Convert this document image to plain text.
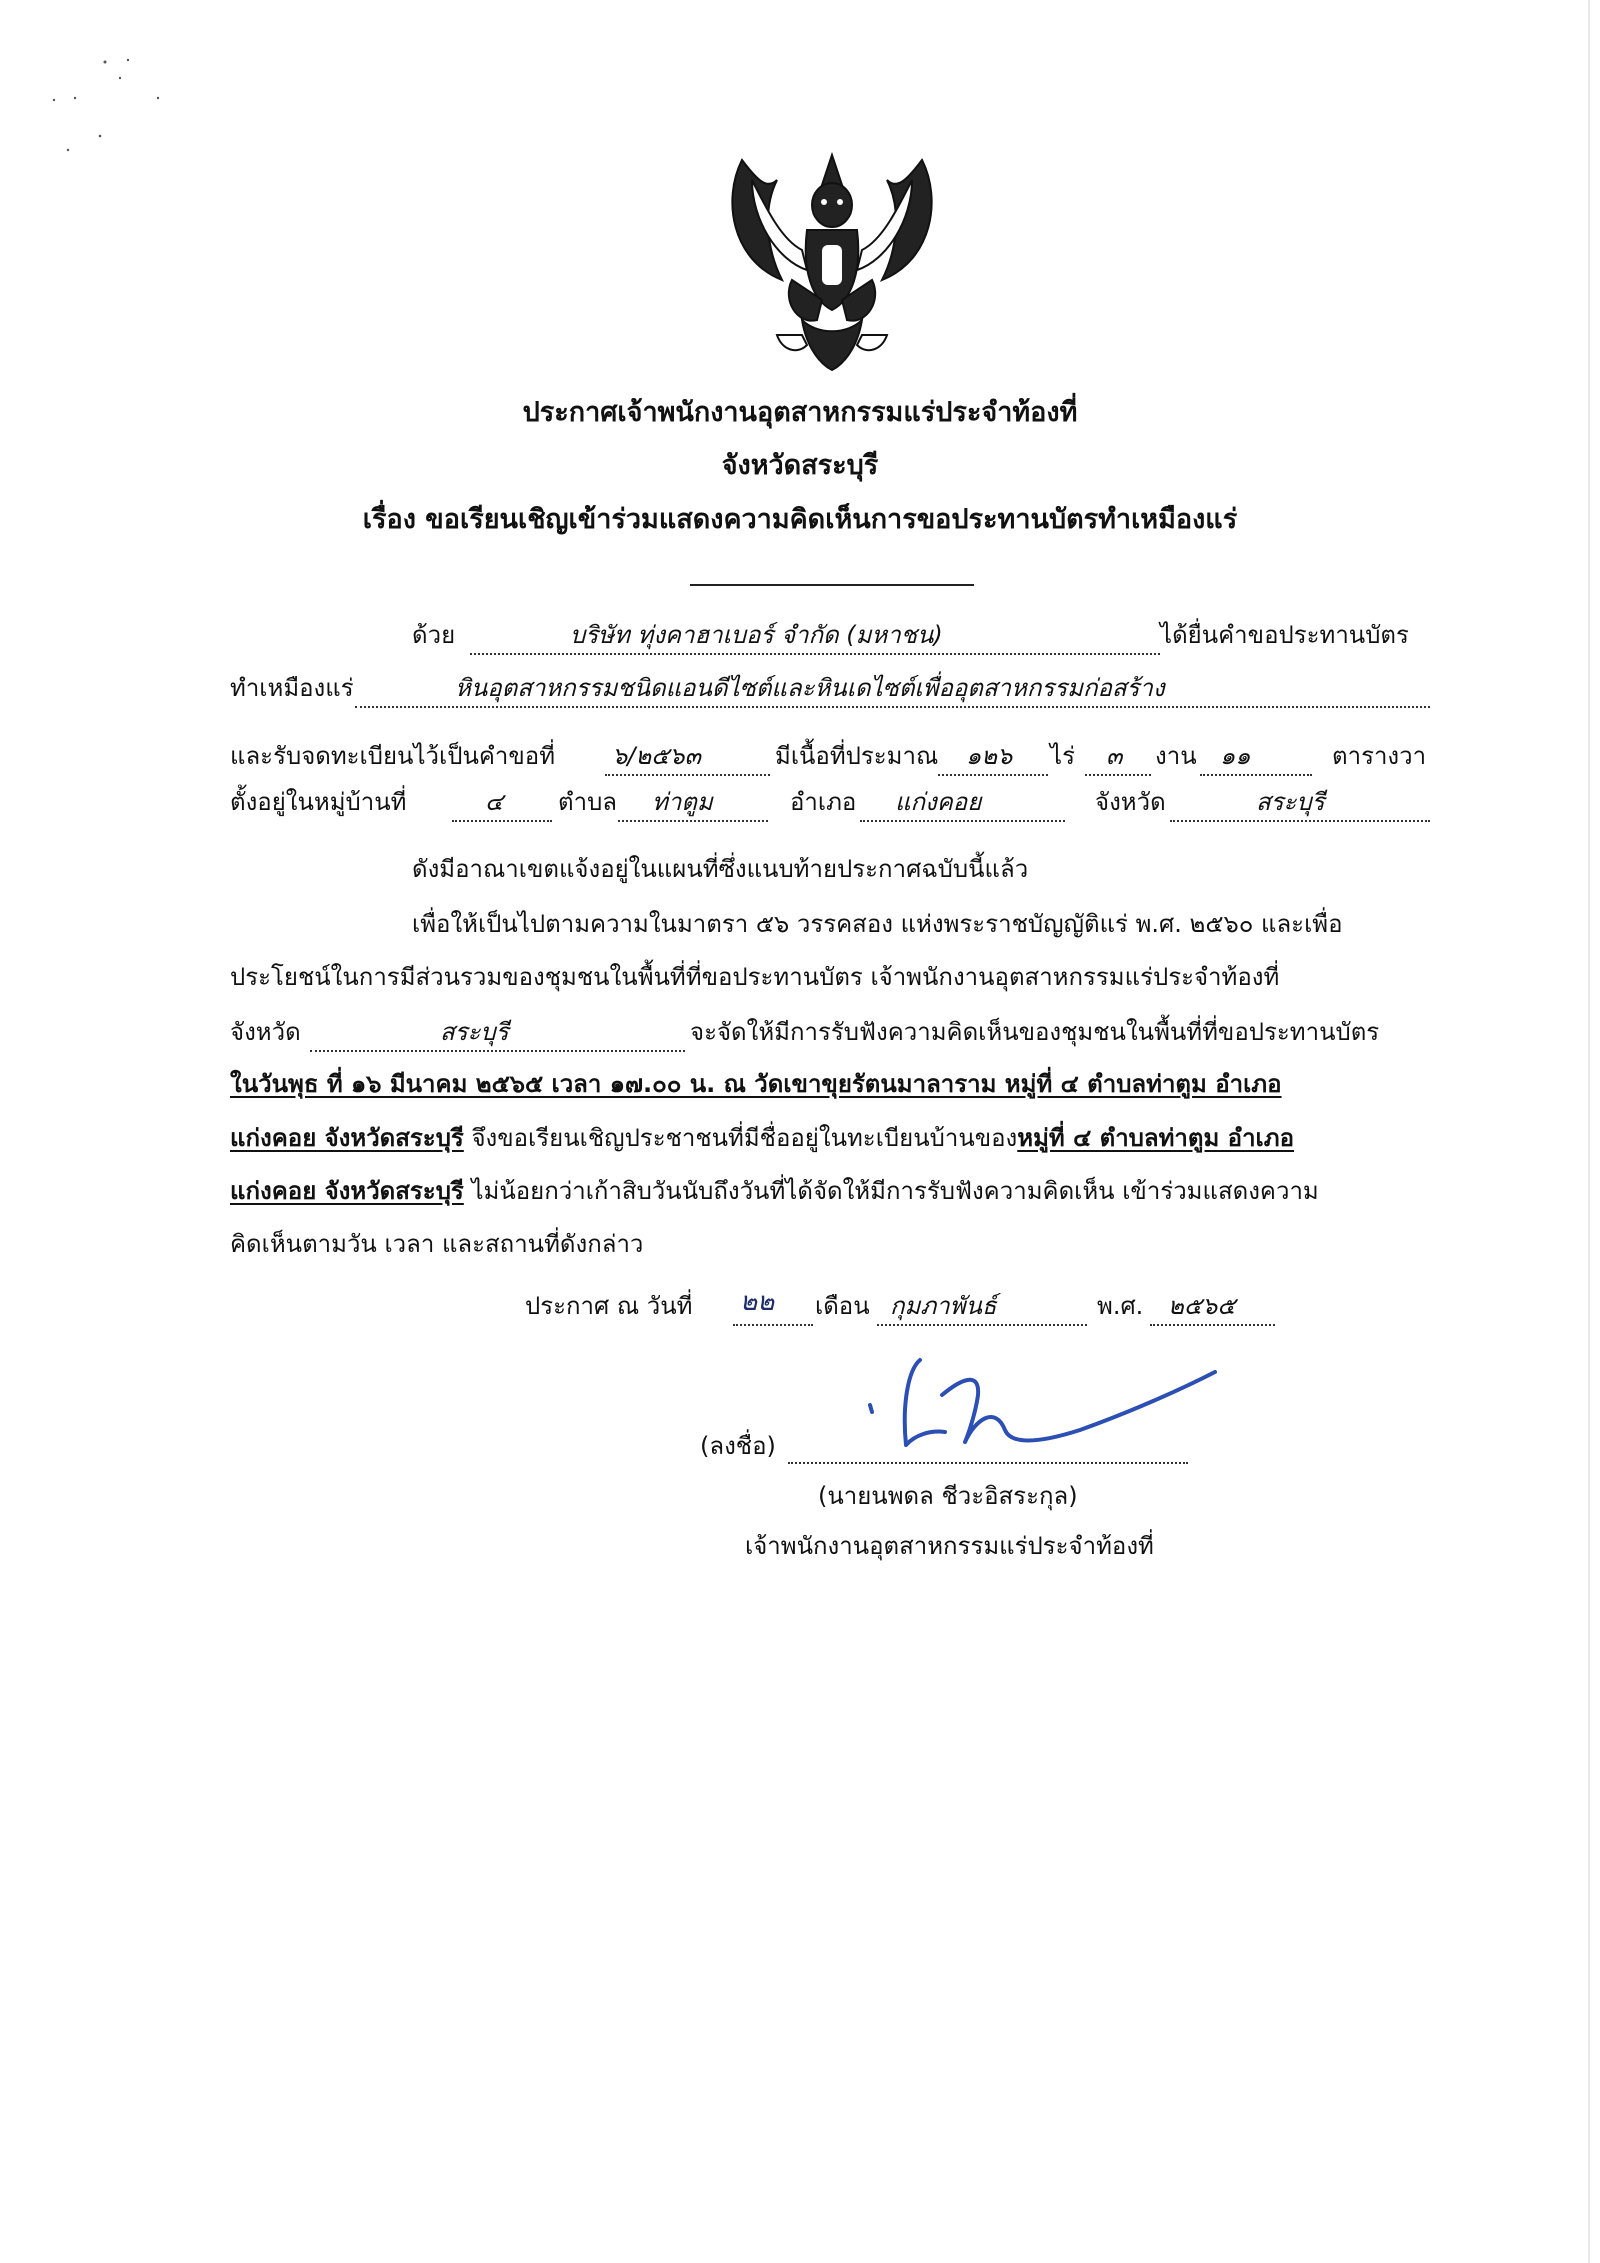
ประกาศเจ้าพนักงานอุตสาหกรรมแร่ประจำท้องที่
จังหวัดสระบุรี
เรื่อง ขอเรียนเชิญเข้าร่วมแสดงความคิดเห็นการขอประทานบัตรทำเหมืองแร่
ด้วย	บริษัท ทุ่งคาฮาเบอร์ จำกัด (มหาชน)	ได้ยื่นคำขอประทานบัตร
ทำเหมืองแร่	หินอุตสาหกรรมชนิดแอนดีไซต์และหินเดไซต์เพื่ออุตสาหกรรมก่อสร้าง
และรับจดทะเบียนไว้เป็นคำขอที่ ๖/๒๕๖๓	มีเนื้อที่ประมาณ ๑๒๖ ไร่ ๓ งาน ๑๑	ตารางวา
ตั้งอยู่ในหมู่บ้านที่	๔ ตำบล ท่าตูม	อำเภอ แก่งคอย	จังหวัด	สระบุรี
ดังมีอาณาเขตแจ้งอยู่ในแผนที่ซึ่งแนบท้ายประกาศฉบับนี้แล้ว
เพื่อให้เป็นไปตามความในมาตรา ๕๖ วรรคสอง แห่งพระราชบัญญัติแร่ พ.ศ. ๒๕๖๐ และเพื่อ
ประโยชน์ในการมีส่วนรวมของชุมชนในพื้นที่ที่ขอประทานบัตร เจ้าพนักงานอุตสาหกรรมแร่ประจำท้องที่
จังหวัด	สระบุรี	จะจัดให้มีการรับฟังความคิดเห็นของชุมชนในพื้นที่ที่ขอประทานบัตร
ในวันพุธ ที่ ๑๖ มีนาคม ๒๕๖๕ เวลา ๑๗.๐๐ น. ณ วัดเขาขุยรัตนมาลาราม หมู่ที่ ๔ ตำบลท่าตูม อำเภอ
แก่งคอย จังหวัดสระบุรี จึงขอเรียนเชิญประชาชนที่มีชื่ออยู่ในทะเบียนบ้านของหมู่ที่ ๔ ตำบลท่าตูม อำเภอ
แก่งคอย จังหวัดสระบุรี ไม่น้อยกว่าเก้าสิบวันนับถึงวันที่ได้จัดให้มีการรับฟังความคิดเห็น เข้าร่วมแสดงความ
คิดเห็นตามวัน เวลา และสถานที่ดังกล่าว
ประกาศ ณ วันที่ ๒๒ เดือน กุมภาพันธ์	พ.ศ. ๒๕๖๕
(ลงชื่อ)
(นายนพดล ชีวะอิสระกุล)
เจ้าพนักงานอุตสาหกรรมแร่ประจำท้องที่
